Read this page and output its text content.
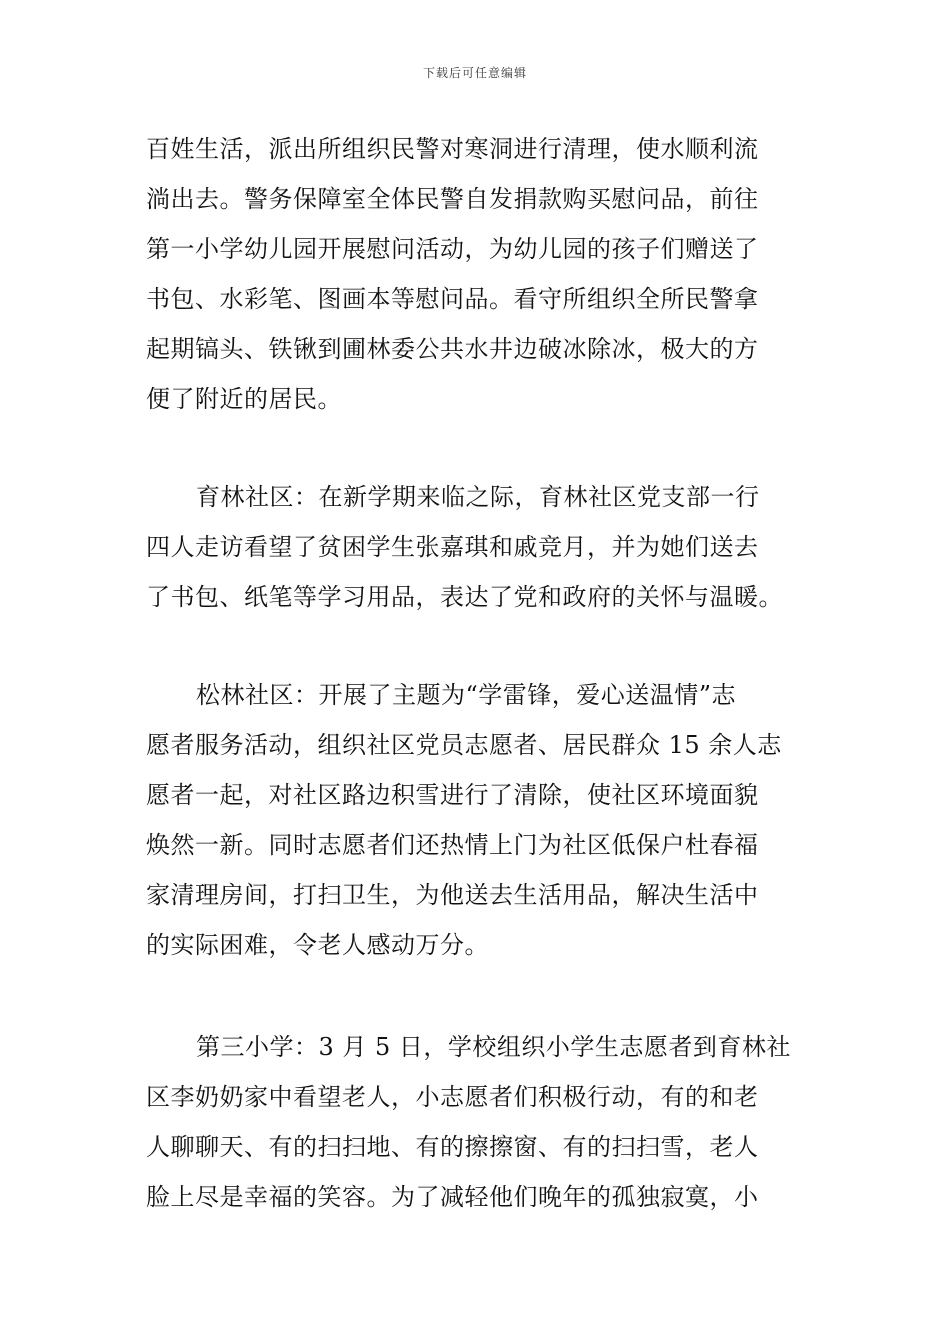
下载后可任意编辑
百姓生活，派出所组织民警对寒洞进行清理，使水顺利流
淌出去。警务保障室全体民警自发捐款购买慰问品，前往
第一小学幼儿园开展慰问活动，为幼儿园的孩子们赠送了
书包、水彩笔、图画本等慰问品。看守所组织全所民警拿
起期镐头、铁锹到圃林委公共水井边破冰除冰，极大的方
便了附近的居民。
育林社区：在新学期来临之际，育林社区党支部一行
四人走访看望了贫困学生张嘉琪和戚竞月，并为她们送去
了书包、纸笔等学习用品，表达了党和政府的关怀与温暖。
松林社区：开展了主题为“学雷锋，爱心送温情”志
愿者服务活动，组织社区党员志愿者、居民群众 15 余人志
愿者一起，对社区路边积雪进行了清除，使社区环境面貌
焕然一新。同时志愿者们还热情上门为社区低保户杜春福
家清理房间，打扫卫生，为他送去生活用品，解决生活中
的实际困难，令老人感动万分。
第三小学：3 月 5 日，学校组织小学生志愿者到育林社
区李奶奶家中看望老人，小志愿者们积极行动，有的和老
人聊聊天、有的扫扫地、有的擦擦窗、有的扫扫雪，老人
脸上尽是幸福的笑容。为了减轻他们晚年的孤独寂寞，小
